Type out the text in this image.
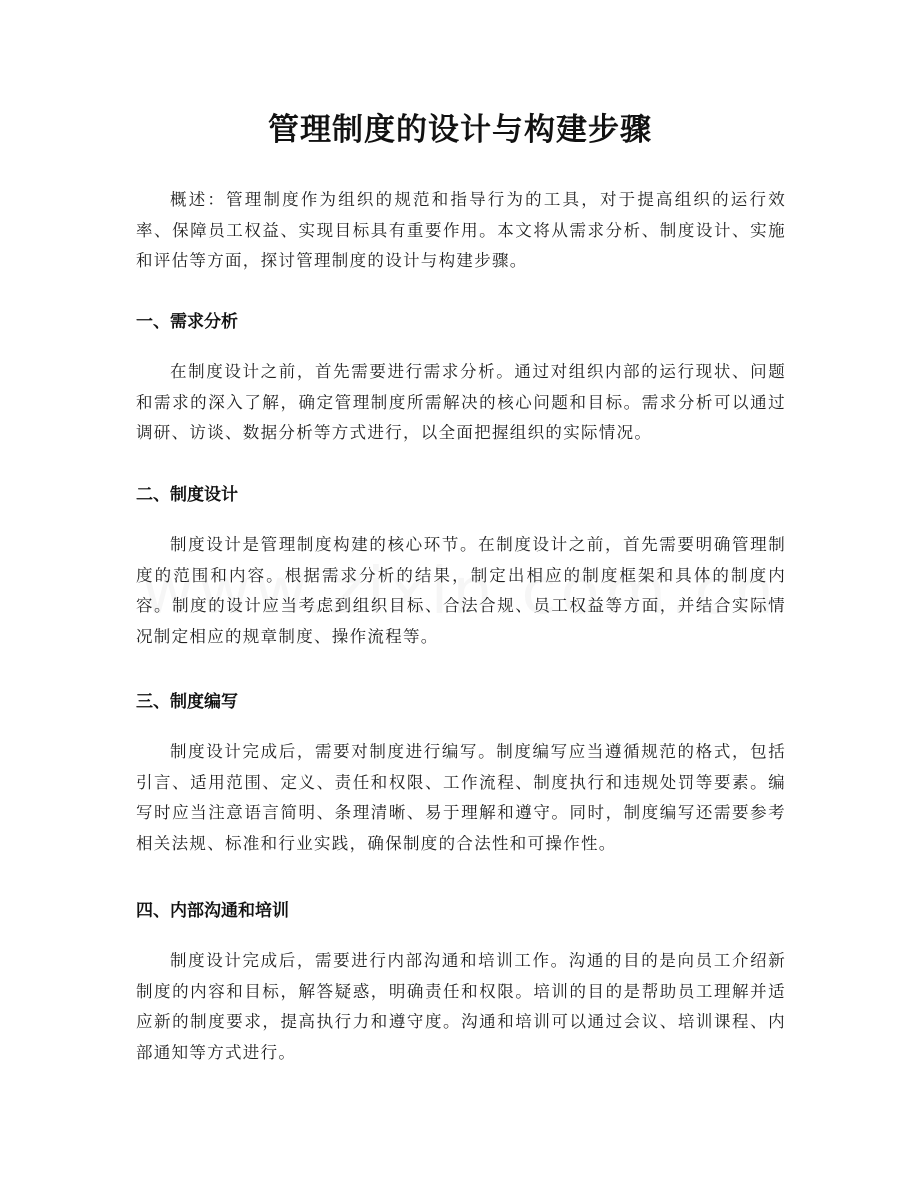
管理制度的设计与构建步骤

概述：管理制度作为组织的规范和指导行为的工具，对于提高组织的运行效率、保障员工权益、实现目标具有重要作用。本文将从需求分析、制度设计、实施和评估等方面，探讨管理制度的设计与构建步骤。

一、需求分析

在制度设计之前，首先需要进行需求分析。通过对组织内部的运行现状、问题和需求的深入了解，确定管理制度所需解决的核心问题和目标。需求分析可以通过调研、访谈、数据分析等方式进行，以全面把握组织的实际情况。

二、制度设计

制度设计是管理制度构建的核心环节。在制度设计之前，首先需要明确管理制度的范围和内容。根据需求分析的结果，制定出相应的制度框架和具体的制度内容。制度的设计应当考虑到组织目标、合法合规、员工权益等方面，并结合实际情况制定相应的规章制度、操作流程等。

三、制度编写

制度设计完成后，需要对制度进行编写。制度编写应当遵循规范的格式，包括引言、适用范围、定义、责任和权限、工作流程、制度执行和违规处罚等要素。编写时应当注意语言简明、条理清晰、易于理解和遵守。同时，制度编写还需要参考相关法规、标准和行业实践，确保制度的合法性和可操作性。

四、内部沟通和培训

制度设计完成后，需要进行内部沟通和培训工作。沟通的目的是向员工介绍新制度的内容和目标，解答疑惑，明确责任和权限。培训的目的是帮助员工理解并适应新的制度要求，提高执行力和遵守度。沟通和培训可以通过会议、培训课程、内部通知等方式进行。
